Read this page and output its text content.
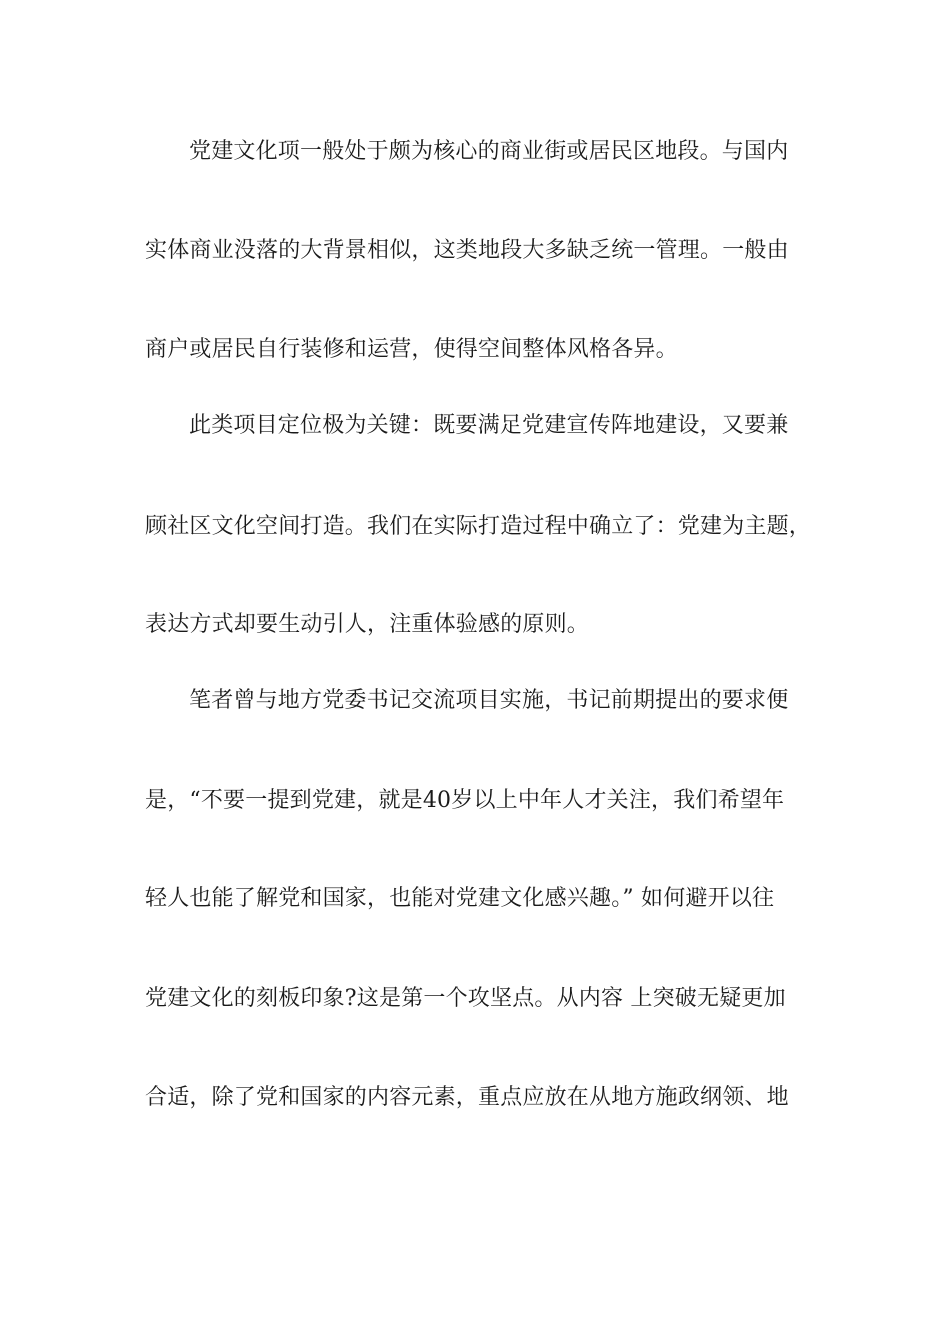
党建文化项一般处于颇为核心的商业街或居民区地段。与国内
实体商业没落的大背景相似，这类地段大多缺乏统一管理。一般由
商户或居民自行装修和运营，使得空间整体风格各异。
此类项目定位极为关键：既要满足党建宣传阵地建设，又要兼
顾社区文化空间打造。我们在实际打造过程中确立了：党建为主题，
表达方式却要生动引人，注重体验感的原则。
笔者曾与地方党委书记交流项目实施，书记前期提出的要求便
是，“不要一提到党建，就是40岁以上中年人才关注，我们希望年
轻人也能了解党和国家，也能对党建文化感兴趣。” 如何避开以往
党建文化的刻板印象?这是第一个攻坚点。从内容 上突破无疑更加
合适，除了党和国家的内容元素，重点应放在从地方施政纲领、地
